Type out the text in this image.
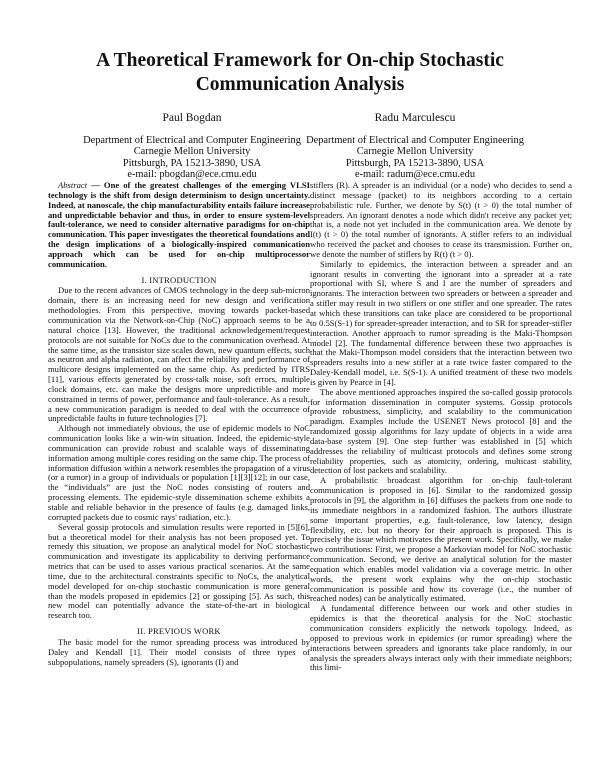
A Theoretical Framework for On-chip Stochastic
Communication Analysis
Paul Bogdan
Department of Electrical and Computer Engineering
Carnegie Mellon University
Pittsburgh, PA 15213-3890, USA
e-mail: pbogdan@ece.cmu.edu
Radu Marculescu
Department of Electrical and Computer Engineering
Carnegie Mellon University
Pittsburgh, PA 15213-3890, USA
e-mail: radum@ece.cmu.edu

Abstract — One of the greatest challenges of the emerging VLSI technology is the shift from design determinism to design uncertainty. Indeed, at nanoscale, the chip manufacturability entails failure increase and unpredictable behavior and thus, in order to ensure system-level fault-tolerance, we need to consider alternative paradigms for on-chip communication. This paper investigates the theoretical foundations and the design implications of a biologically-inspired communication approach which can be used for on-chip multiprocessor communication.

I. INTRODUCTION

Due to the recent advances of CMOS technology in the deep sub-micron domain, there is an increasing need for new design and verification methodologies. From this perspective, moving towards packet-based communication via the Network-on-Chip (NoC) approach seems to be a natural choice [13]. However, the traditional acknowledgement/request protocols are not suitable for NoCs due to the communication overhead. At the same time, as the transistor size scales down, new quantum effects, such as neutron and alpha radiation, can affect the reliability and performance of multicore designs implemented on the same chip. As predicted by ITRS [11], various effects generated by cross-talk noise, soft errors, multiple clock domains, etc. can make the designs more unpredictible and more constrained in terms of power, performance and fault-tolerance. As a result, a new communication paradigm is needed to deal with the occurrence of unpredictable faults in future technologies [7].

Although not immediately obvious, the use of epidemic models to NoC communication looks like a win-win situation. Indeed, the epidemic-style communication can provide robust and scalable ways of disseminating information among multiple cores residing on the same chip. The process of information diffusion within a network resembles the propagation of a virus (or a rumor) in a group of individuals or population [1][3][12]; in our case, the “individuals” are just the NoC nodes consisting of routers and processing elements. The epidemic-style dissemination scheme exhibits a stable and reliable behavior in the presence of faults (e.g. damaged links, corrupted packets due to cosmic rays' radiation, etc.).

Several gossip protocols and simulation results were reported in [5][6], but a theoretical model for their analysis has not been proposed yet. To remedy this situation, we propose an analytical model for NoC stochastic communication and investigate its applicability to deriving performance metrics that can be used to asses various practical scenarios. At the same time, due to the architectural constraints specific to NoCs, the analytical model developed for on-chip stochastic communication is more general than the models proposed in epidemics [2] or gossiping [5]. As such, this new model can potentially advance the state-of-the-art in biological research too.

II. PREVIOUS WORK

The basic model for the rumor spreading process was introduced by Daley and Kendall [1]. Their model consists of three types of subpopulations, namely spreaders (S), ignorants (I) and

stiflers (R). A spreader is an individual (or a node) who decides to send a distinct message (packet) to its neighbors according to a certain probabilistic rule. Further, we denote by S(t) (t > 0) the total number of spreaders. An ignorant denotes a node which didn't receive any packet yet; that is, a node not yet included in the communication area. We denote by I(t) (t > 0) the total number of ignorants. A stifler refers to an individual who received the packet and chooses to cease its transmission. Further on, we denote the number of stiflers by R(t) (t > 0).

Similarly to epidemics, the interaction between a spreader and an ignorant results in converting the ignorant into a spreader at a rate proportional with SI, where S and I are the number of spreaders and ignorants. The interaction between two spreaders or between a spreader and a stifler may result in two stiflers or one stifler and one spreader. The rates at which these transitions can take place are considered to be proportional to 0.5S(S-1) for spreader-spreader interaction, and to SR for spreader-stifler interaction. Another approach to rumor spreading is the Maki-Thompson model [2]. The fundamental difference between these two approaches is that the Maki-Thompson model considers that the interaction between two spreaders results into a new stifler at a rate twice faster compared to the Daley-Kendall model, i.e. S(S-1). A unified treatment of these two models is given by Pearce in [4].

The above mentioned approaches inspired the so-called gossip protocols for information dissemination in computer systems. Gossip protocols provide robustness, simplicity, and scalability to the communication paradigm. Examples include the USENET News protocol [8] and the randomized gossip algorithms for lazy update of objects in a wide area data-base system [9]. One step further was established in [5] which addresses the reliability of multicast protocols and defines some strong reliability properties, such as atomicity, ordering, multicast stability, detection of lost packets and scalability.

A probabilistic broadcast algorithm for on-chip fault-tolerant communication is proposed in [6]. Similar to the randomized gossip protocols in [9], the algorithm in [6] diffuses the packets from one node to its immediate neighbors in a randomized fashion. The authors illustrate some important properties, e.g. fault-tolerance, low latency, design flexibility, etc. but no theory for their approach is proposed. This is precisely the issue which motivates the present work. Specifically, we make two contributions: First, we propose a Markovian model for NoC stochastic communication. Second, we derive an analytical solution for the master equation which enables model validation via a coverage metric. In other words, the present work explains why the on-chip stochastic communication is possible and how its coverage (i.e., the number of reached nodes) can be analytically estimated.

A fundamental difference between our work and other studies in epidemics is that the theoretical analysis for the NoC stochastic communication considers explicitly the network topology. Indeed, as opposed to previous work in epidemics (or rumor spreading) where the interactions between spreaders and ignorants take place randomly, in our analysis the spreaders always interact only with their immediate neighbors; this limi-
